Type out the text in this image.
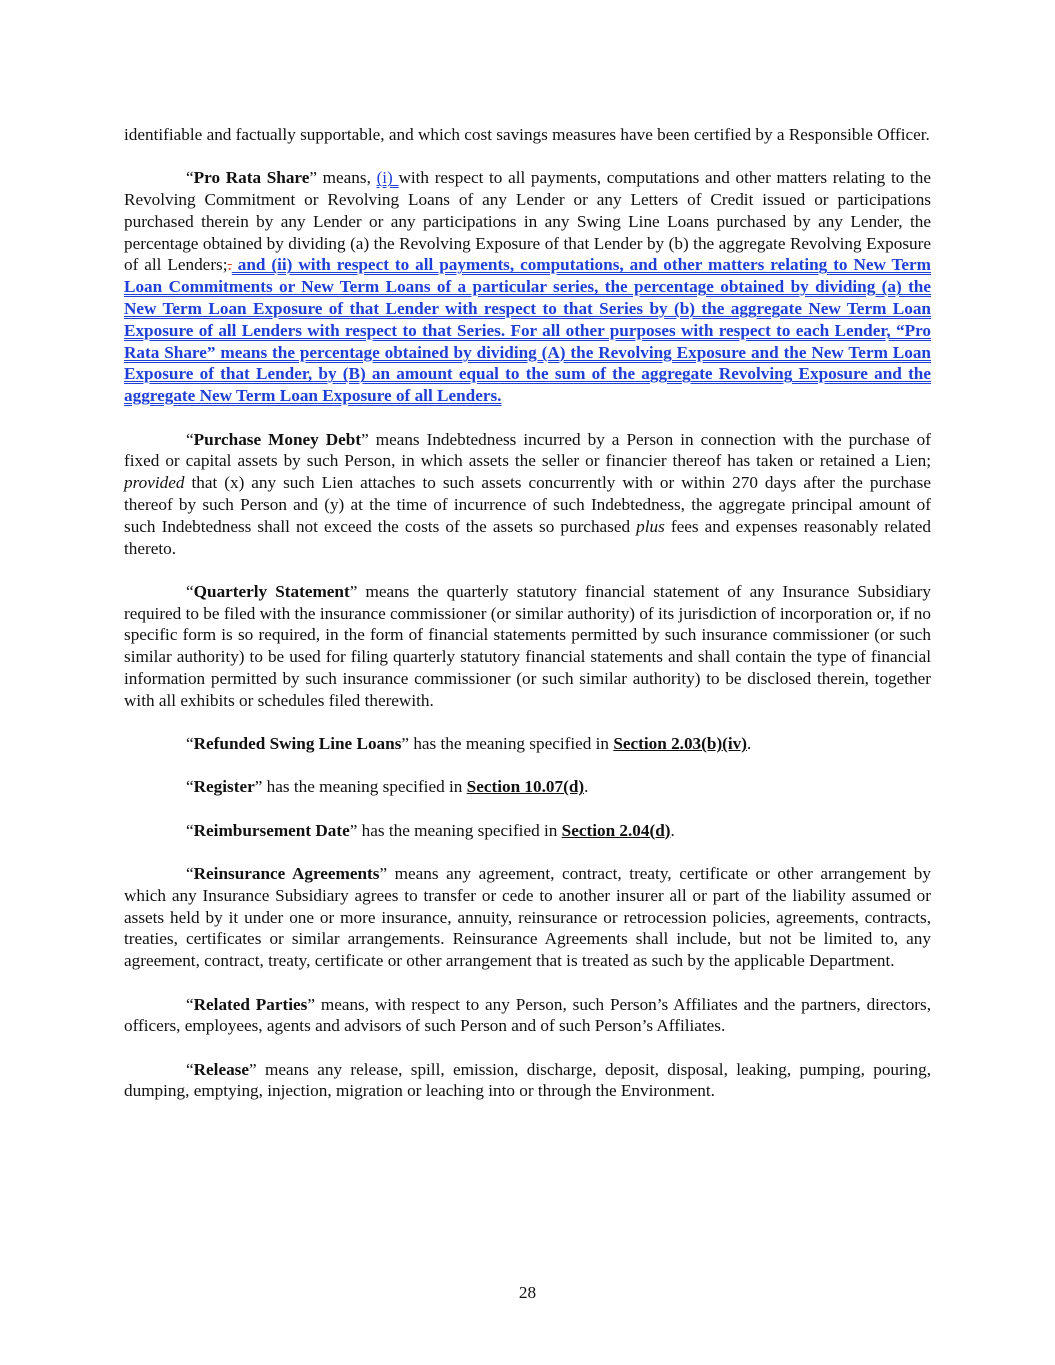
identifiable and factually supportable, and which cost savings measures have been certified by a Responsible Officer.

“Pro Rata Share” means, (i) with respect to all payments, computations and other matters relating to the Revolving Commitment or Revolving Loans of any Lender or any Letters of Credit issued or participations purchased therein by any Lender or any participations in any Swing Line Loans purchased by any Lender, the percentage obtained by dividing (a) the Revolving Exposure of that Lender by (b) the aggregate Revolving Exposure of all Lenders;. and (ii) with respect to all payments, computations, and other matters relating to New Term Loan Commitments or New Term Loans of a particular series, the percentage obtained by dividing (a) the New Term Loan Exposure of that Lender with respect to that Series by (b) the aggregate New Term Loan Exposure of all Lenders with respect to that Series. For all other purposes with respect to each Lender, “Pro Rata Share” means the percentage obtained by dividing (A) the Revolving Exposure and the New Term Loan Exposure of that Lender, by (B) an amount equal to the sum of the aggregate Revolving Exposure and the aggregate New Term Loan Exposure of all Lenders.

“Purchase Money Debt” means Indebtedness incurred by a Person in connection with the purchase of fixed or capital assets by such Person, in which assets the seller or financier thereof has taken or retained a Lien; provided that (x) any such Lien attaches to such assets concurrently with or within 270 days after the purchase thereof by such Person and (y) at the time of incurrence of such Indebtedness, the aggregate principal amount of such Indebtedness shall not exceed the costs of the assets so purchased plus fees and expenses reasonably related thereto.

“Quarterly Statement” means the quarterly statutory financial statement of any Insurance Subsidiary required to be filed with the insurance commissioner (or similar authority) of its jurisdiction of incorporation or, if no specific form is so required, in the form of financial statements permitted by such insurance commissioner (or such similar authority) to be used for filing quarterly statutory financial statements and shall contain the type of financial information permitted by such insurance commissioner (or such similar authority) to be disclosed therein, together with all exhibits or schedules filed therewith.

“Refunded Swing Line Loans” has the meaning specified in Section 2.03(b)(iv).

“Register” has the meaning specified in Section 10.07(d).

“Reimbursement Date” has the meaning specified in Section 2.04(d).

“Reinsurance Agreements” means any agreement, contract, treaty, certificate or other arrangement by which any Insurance Subsidiary agrees to transfer or cede to another insurer all or part of the liability assumed or assets held by it under one or more insurance, annuity, reinsurance or retrocession policies, agreements, contracts, treaties, certificates or similar arrangements. Reinsurance Agreements shall include, but not be limited to, any agreement, contract, treaty, certificate or other arrangement that is treated as such by the applicable Department.

“Related Parties” means, with respect to any Person, such Person’s Affiliates and the partners, directors, officers, employees, agents and advisors of such Person and of such Person’s Affiliates.

“Release” means any release, spill, emission, discharge, deposit, disposal, leaking, pumping, pouring, dumping, emptying, injection, migration or leaching into or through the Environment.

28
